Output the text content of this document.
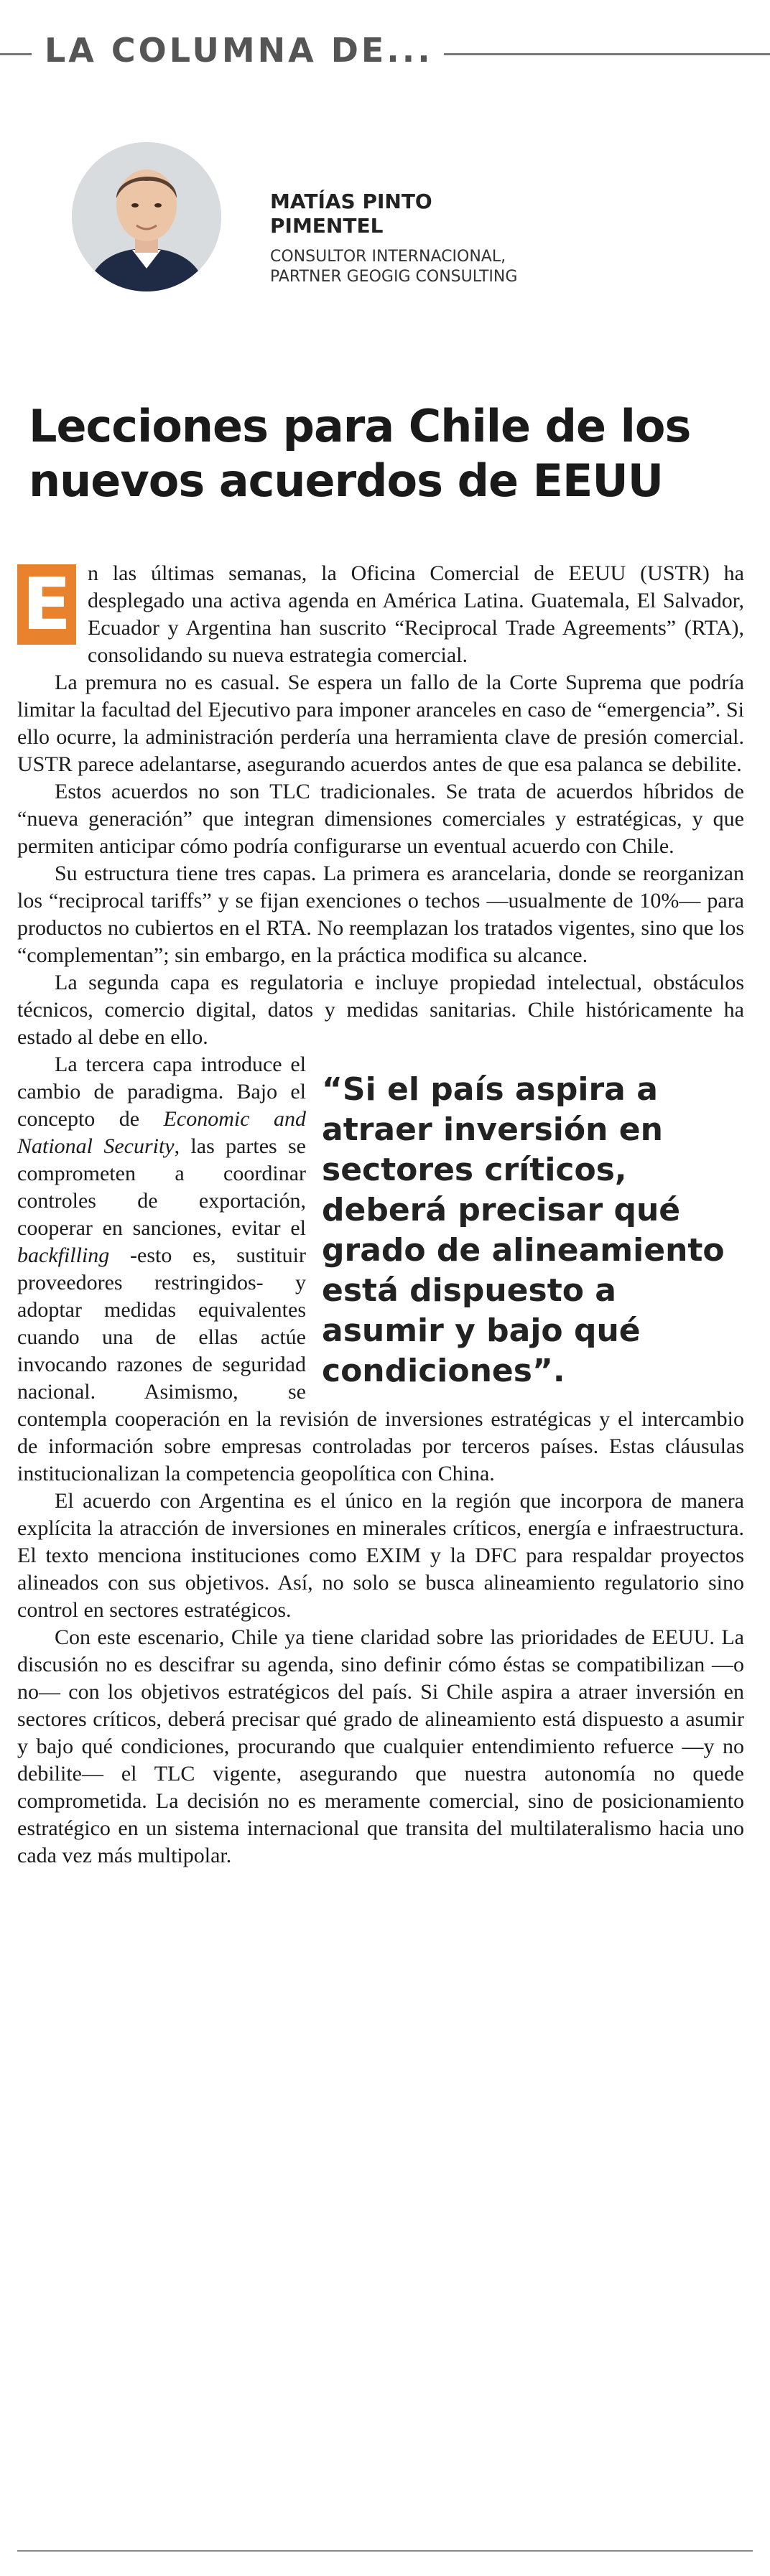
LA COLUMNA DE...

MATÍAS PINTO PIMENTEL

CONSULTOR INTERNACIONAL, PARTNER GEOGIG CONSULTING

Lecciones para Chile de los nuevos acuerdos de EEUU

E n las últimas semanas, la Oficina Comercial de EEUU (USTR) ha desplegado una activa agenda en América Latina. Guatemala, El Salvador, Ecuador y Argentina han suscrito “Reciprocal Trade Agreements” (RTA), consolidando su nueva estrategia comercial.

La premura no es casual. Se espera un fallo de la Corte Suprema que podría limitar la facultad del Ejecutivo para imponer aranceles en caso de “emergencia”. Si ello ocurre, la administración perdería una herramienta clave de presión comercial. USTR parece adelantarse, asegurando acuerdos antes de que esa palanca se debilite.

Estos acuerdos no son TLC tradicionales. Se trata de acuerdos híbridos de “nueva generación” que integran dimensiones comerciales y estratégicas, y que permiten anticipar cómo podría configurarse un eventual acuerdo con Chile.

Su estructura tiene tres capas. La primera es arancelaria, donde se reorganizan los “reciprocal tariffs” y se fijan exenciones o techos —usualmente de 10%— para productos no cubiertos en el RTA. No reemplazan los tratados vigentes, sino que los “complementan”; sin embargo, en la práctica modifica su alcance.

La segunda capa es regulatoria e incluye propiedad intelectual, obstáculos técnicos, comercio digital, datos y medidas sanitarias. Chile históricamente ha estado al debe en ello.

“Si el país aspira a atraer inversión en sectores críticos, deberá precisar qué grado de alineamiento está dispuesto a asumir y bajo qué condiciones”.

La tercera capa introduce el cambio de paradigma. Bajo el concepto de Economic and National Security, las partes se comprometen a coordinar controles de exportación, cooperar en sanciones, evitar el backfilling -esto es, sustituir proveedores restringidos- y adoptar medidas equivalentes cuando una de ellas actúe invocando razones de seguridad nacional. Asimismo, se contempla cooperación en la revisión de inversiones estratégicas y el intercambio de información sobre empresas controladas por terceros países. Estas cláusulas institucionalizan la competencia geopolítica con China.

El acuerdo con Argentina es el único en la región que incorpora de manera explícita la atracción de inversiones en minerales críticos, energía e infraestructura. El texto menciona instituciones como EXIM y la DFC para respaldar proyectos alineados con sus objetivos. Así, no solo se busca alineamiento regulatorio sino control en sectores estratégicos.

Con este escenario, Chile ya tiene claridad sobre las prioridades de EEUU. La discusión no es descifrar su agenda, sino definir cómo éstas se compatibilizan —o no— con los objetivos estratégicos del país. Si Chile aspira a atraer inversión en sectores críticos, deberá precisar qué grado de alineamiento está dispuesto a asumir y bajo qué condiciones, procurando que cualquier entendimiento refuerce —y no debilite— el TLC vigente, asegurando que nuestra autonomía no quede comprometida. La decisión no es meramente comercial, sino de posicionamiento estratégico en un sistema internacional que transita del multilateralismo hacia uno cada vez más multipolar.
